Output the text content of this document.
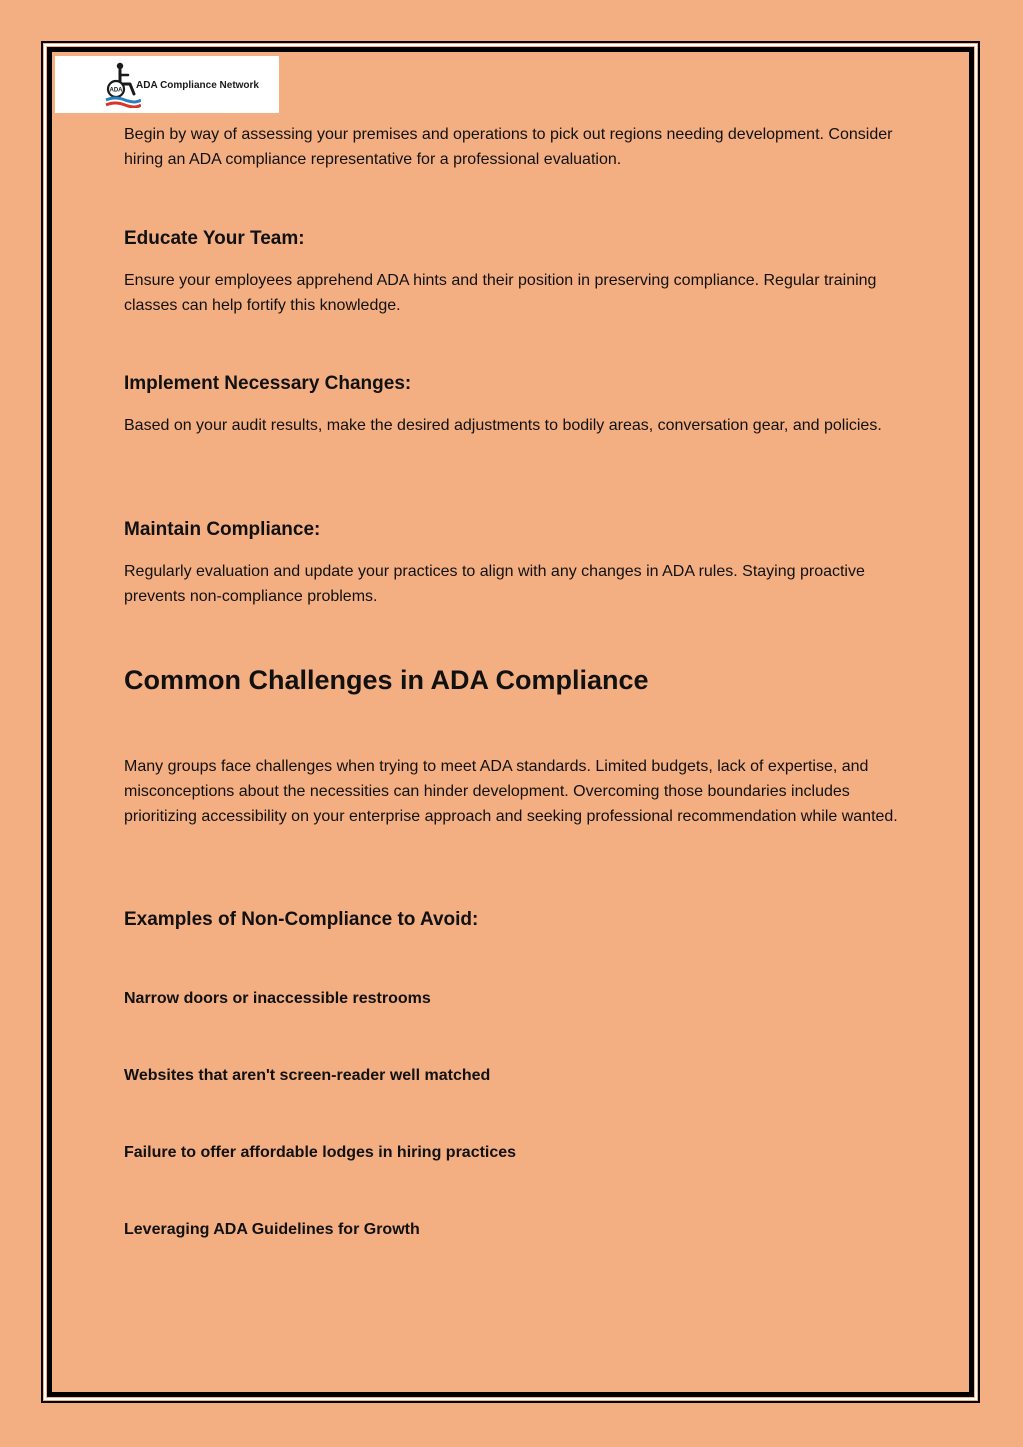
ADA ADA Compliance Network

Begin by way of assessing your premises and operations to pick out regions needing development. Consider hiring an ADA compliance representative for a professional evaluation.

Educate Your Team:

Ensure your employees apprehend ADA hints and their position in preserving compliance. Regular training classes can help fortify this knowledge.

Implement Necessary Changes:

Based on your audit results, make the desired adjustments to bodily areas, conversation gear, and policies.

Maintain Compliance:

Regularly evaluation and update your practices to align with any changes in ADA rules. Staying proactive prevents non-compliance problems.

Common Challenges in ADA Compliance

Many groups face challenges when trying to meet ADA standards. Limited budgets, lack of expertise, and misconceptions about the necessities can hinder development. Overcoming those boundaries includes prioritizing accessibility on your enterprise approach and seeking professional recommendation while wanted.

Examples of Non-Compliance to Avoid:

Narrow doors or inaccessible restrooms

Websites that aren't screen-reader well matched

Failure to offer affordable lodges in hiring practices

Leveraging ADA Guidelines for Growth
